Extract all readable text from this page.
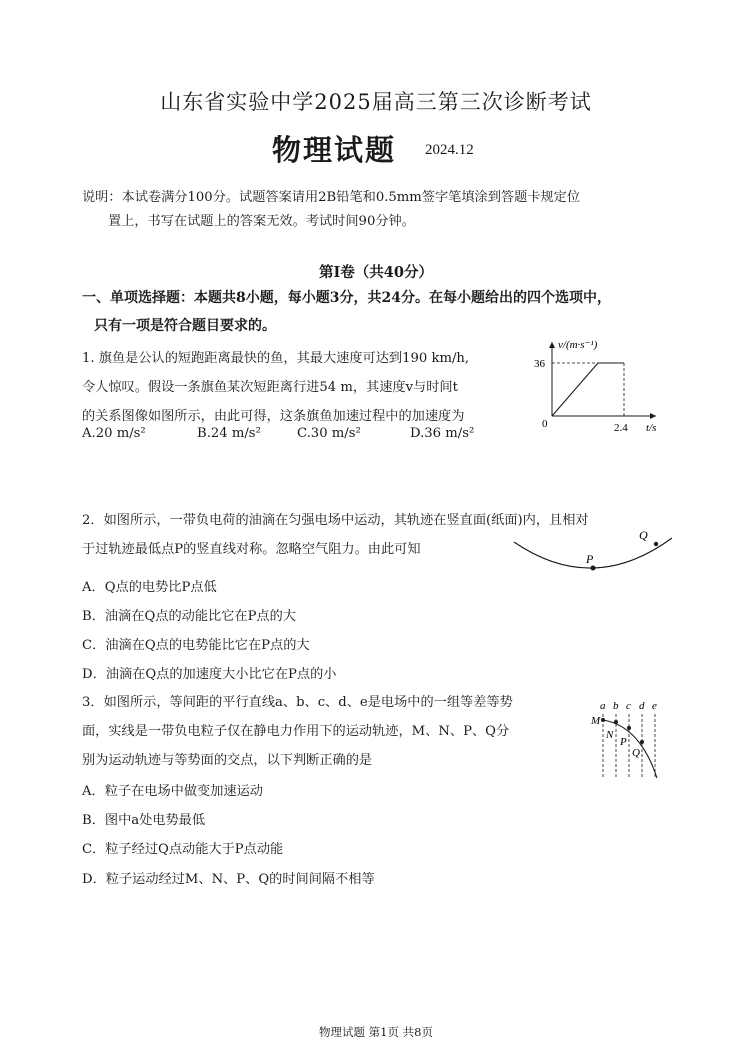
山东省实验中学2025届高三第三次诊断考试
物理试题 2024.12
说明：本试卷满分100分。试题答案请用2B铅笔和0.5mm签字笔填涂到答题卡规定位
置上，书写在试题上的答案无效。考试时间90分钟。
第Ⅰ卷（共40分）
一、单项选择题：本题共8小题，每小题3分，共24分。在每小题给出的四个选项中，
只有一项是符合题目要求的。
1. 旗鱼是公认的短跑距离最快的鱼，其最大速度可达到190 km/h,
令人惊叹。假设一条旗鱼某次短距离行进54 m，其速度v与时间t
的关系图像如图所示，由此可得，这条旗鱼加速过程中的加速度为
A.20 m/s²	B.24 m/s²	C.30 m/s²	D.36 m/s²
v/(m·s⁻¹)
36
0	2.4 t/s
2．如图所示，一带负电荷的油滴在匀强电场中运动，其轨迹在竖直面(纸面)内，且相对
于过轨迹最低点P的竖直线对称。忽略空气阻力。由此可知
A．Q点的电势比P点低
B．油滴在Q点的动能比它在P点的大
C．油滴在Q点的电势能比它在P点的大
D．油滴在Q点的加速度大小比它在P点的小
P
Q
3．如图所示，等间距的平行直线a、b、c、d、e是电场中的一组等差等势
面，实线是一带负电粒子仅在静电力作用下的运动轨迹，M、N、P、Q分
别为运动轨迹与等势面的交点，以下判断正确的是
A．粒子在电场中做变加速运动
B．图中a处电势最低
C．粒子经过Q点动能大于P点动能
D．粒子运动经过M、N、P、Q的时间间隔不相等
a b c d e
M
N
P
Q
物理试题 第1页 共8页
